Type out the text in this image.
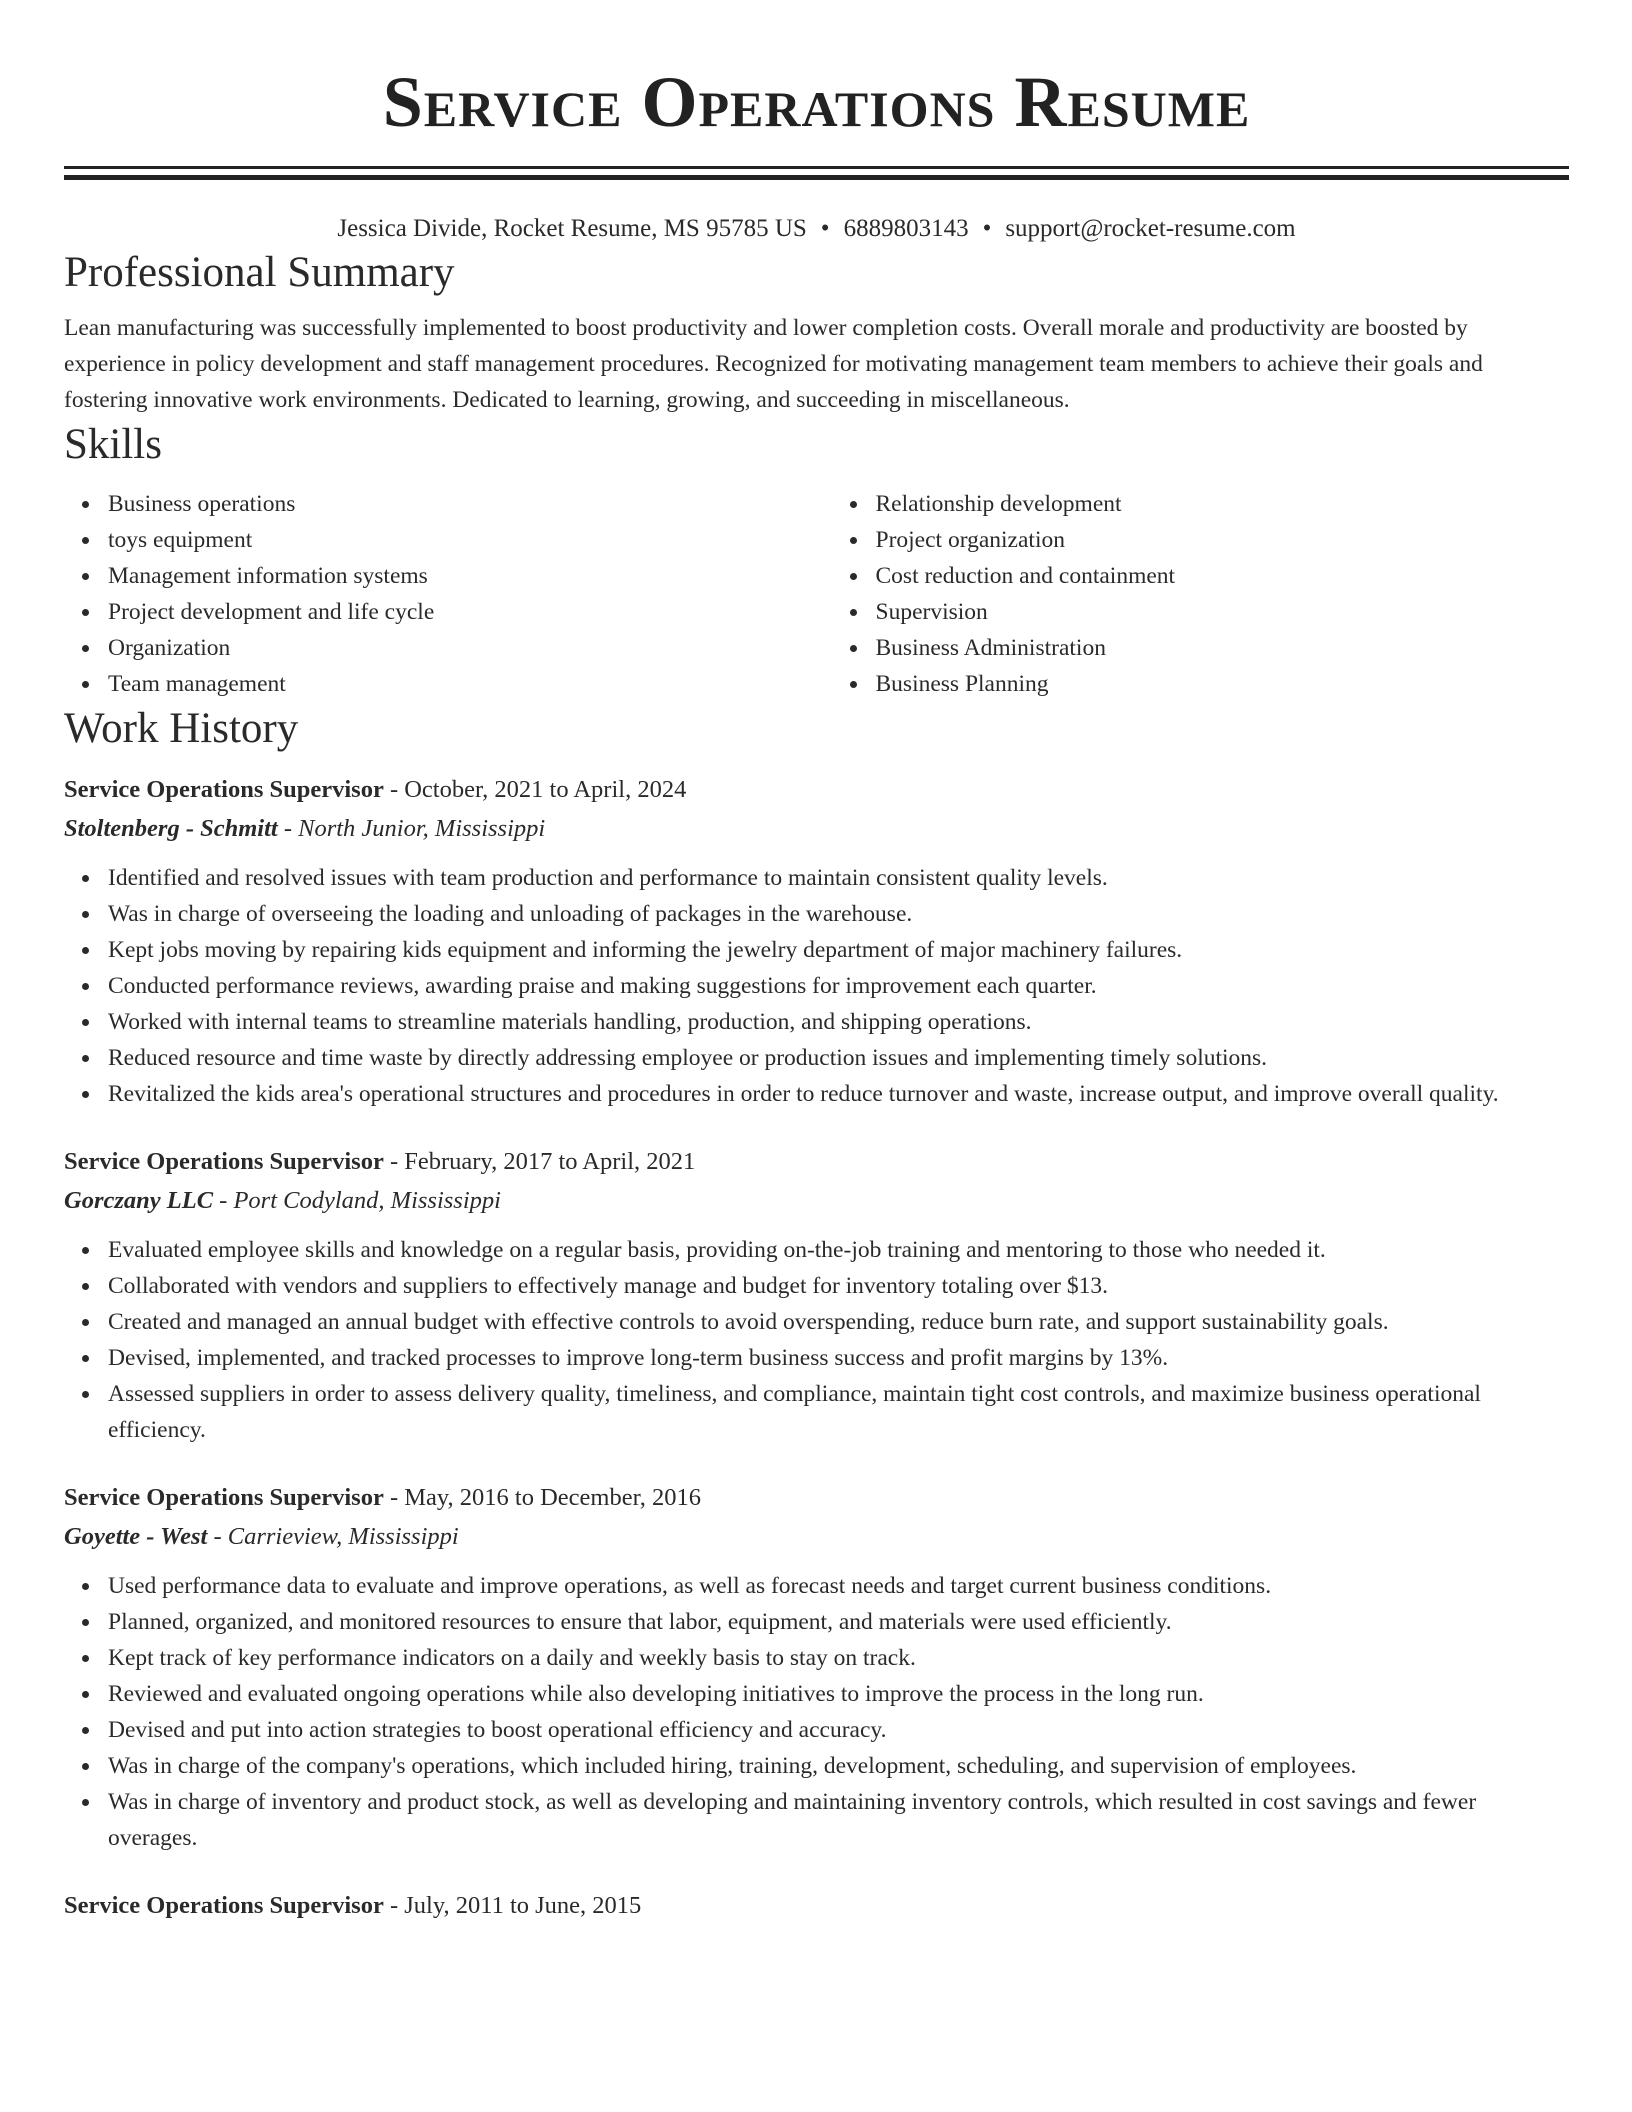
Service Operations Resume
Jessica Divide, Rocket Resume, MS 95785 US • 6889803143 • support@rocket-resume.com
Professional Summary

Lean manufacturing was successfully implemented to boost productivity and lower completion costs. Overall morale and productivity are boosted by experience in policy development and staff management procedures. Recognized for motivating management team members to achieve their goals and fostering innovative work environments. Dedicated to learning, growing, and succeeding in miscellaneous.

Skills
Business operations
toys equipment
Management information systems
Project development and life cycle
Organization
Team management
Relationship development
Project organization
Cost reduction and containment
Supervision
Business Administration
Business Planning
Work History
Service Operations Supervisor - October, 2021 to April, 2024
Stoltenberg - Schmitt - North Junior, Mississippi
Identified and resolved issues with team production and performance to maintain consistent quality levels.
Was in charge of overseeing the loading and unloading of packages in the warehouse.
Kept jobs moving by repairing kids equipment and informing the jewelry department of major machinery failures.
Conducted performance reviews, awarding praise and making suggestions for improvement each quarter.
Worked with internal teams to streamline materials handling, production, and shipping operations.
Reduced resource and time waste by directly addressing employee or production issues and implementing timely solutions.
Revitalized the kids area's operational structures and procedures in order to reduce turnover and waste, increase output, and improve overall quality.
Service Operations Supervisor - February, 2017 to April, 2021
Gorczany LLC - Port Codyland, Mississippi
Evaluated employee skills and knowledge on a regular basis, providing on-the-job training and mentoring to those who needed it.
Collaborated with vendors and suppliers to effectively manage and budget for inventory totaling over $13.
Created and managed an annual budget with effective controls to avoid overspending, reduce burn rate, and support sustainability goals.
Devised, implemented, and tracked processes to improve long-term business success and profit margins by 13%.
Assessed suppliers in order to assess delivery quality, timeliness, and compliance, maintain tight cost controls, and maximize business operational efficiency.
Service Operations Supervisor - May, 2016 to December, 2016
Goyette - West - Carrieview, Mississippi
Used performance data to evaluate and improve operations, as well as forecast needs and target current business conditions.
Planned, organized, and monitored resources to ensure that labor, equipment, and materials were used efficiently.
Kept track of key performance indicators on a daily and weekly basis to stay on track.
Reviewed and evaluated ongoing operations while also developing initiatives to improve the process in the long run.
Devised and put into action strategies to boost operational efficiency and accuracy.
Was in charge of the company's operations, which included hiring, training, development, scheduling, and supervision of employees.
Was in charge of inventory and product stock, as well as developing and maintaining inventory controls, which resulted in cost savings and fewer overages.
Service Operations Supervisor - July, 2011 to June, 2015
